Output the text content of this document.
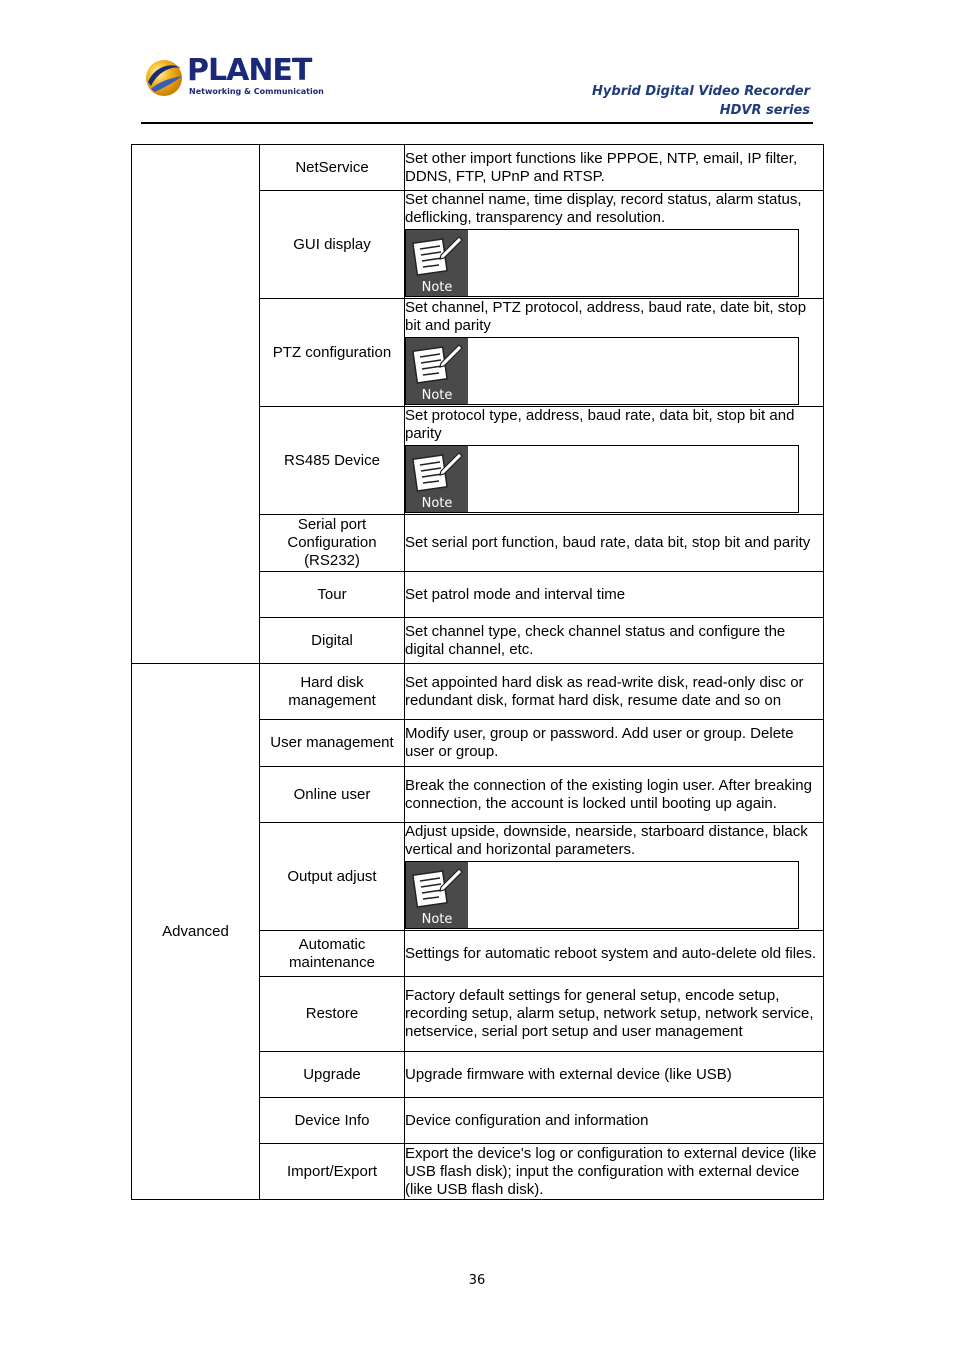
PLANET
Networking & Communication	Hybrid Digital Video Recorder
HDVR series
	NetService	Set other import functions like PPPOE, NTP, email, IP filter, DDNS, FTP, UPnP and RTSP.

	GUI display	Set channel name, time display, record status, alarm status, deflicking, transparency and resolution.
Note

	PTZ configuration	Set channel, PTZ protocol, address, baud rate, date bit, stop bit and parity
Note

	RS485 Device	Set protocol type, address, baud rate, data bit, stop bit and parity
Note

	Serial port Configuration (RS232)	Set serial port function, baud rate, data bit, stop bit and parity

	Tour	Set patrol mode and interval time

	Digital	Set channel type, check channel status and configure the digital channel, etc.

Advanced	Hard disk management	Set appointed hard disk as read-write disk, read-only disc or redundant disk, format hard disk, resume date and so on

	User management	Modify user, group or password. Add user or group. Delete user or group.

	Online user	Break the connection of the existing login user. After breaking connection, the account is locked until booting up again.

	Output adjust	Adjust upside, downside, nearside, starboard distance, black vertical and horizontal parameters.
Note

	Automatic maintenance	Settings for automatic reboot system and auto-delete old files.

	Restore	Factory default settings for general setup, encode setup, recording setup, alarm setup, network setup, network service, netservice, serial port setup and user management

	Upgrade	Upgrade firmware with external device (like USB)

	Device Info	Device configuration and information

	Import/Export	Export the device's log or configuration to external device (like USB flash disk); input the configuration with external device (like USB flash disk).
36
